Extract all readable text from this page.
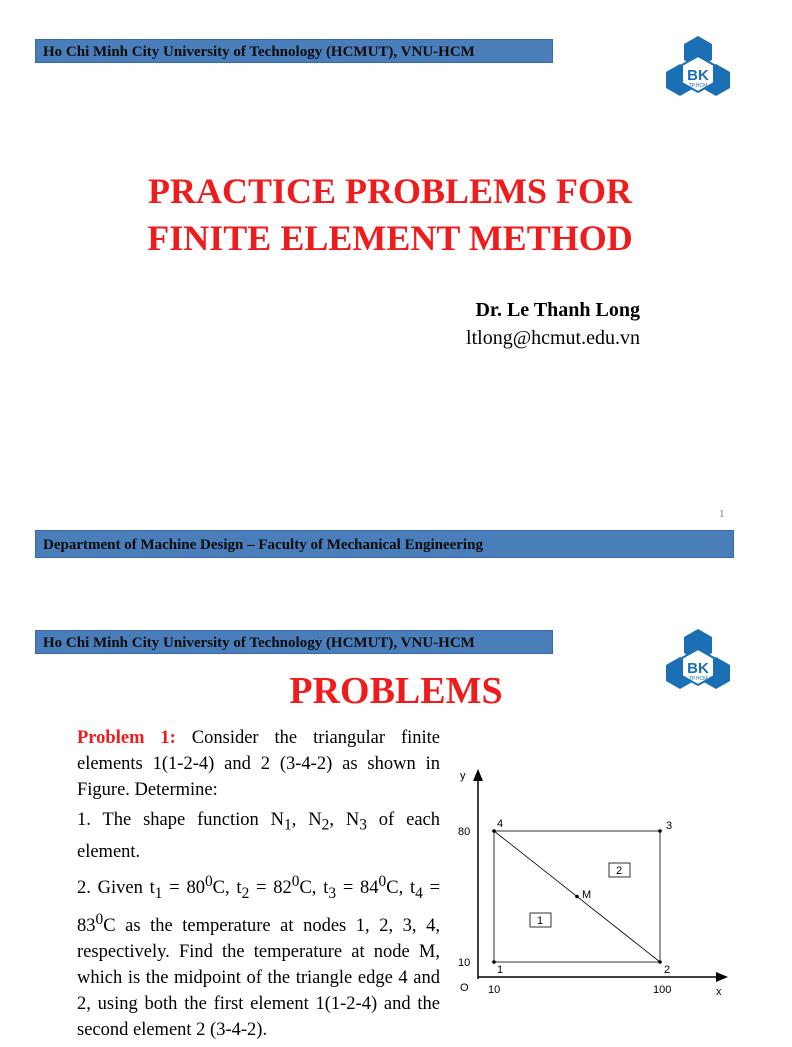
Ho Chi Minh City University of Technology (HCMUT), VNU-HCM
BK
TP.HCM
PRACTICE PROBLEMS FOR
FINITE ELEMENT METHOD
Dr. Le Thanh Long
ltlong@hcmut.edu.vn
1
Department of Machine Design – Faculty of Mechanical Engineering
Ho Chi Minh City University of Technology (HCMUT), VNU-HCM
BK
TP.HCM
PROBLEMS

Problem 1: Consider the triangular finite elements 1(1-2-4) and 2 (3-4-2) as shown in Figure. Determine:

1. The shape function $N_1$, $N_2$, $N_3$ of each element.

2. Given $t_1 = 80^0C$, $t_2 = 82^0C$, $t_3 = 84^0C$, $t_4 = 83^0C$ as the temperature at nodes 1, 2, 3, 4, respectively. Find the temperature at node M, which is the midpoint of the triangle edge 4 and 2, using both the first element 1(1-2-4) and the second element 2 (3-4-2).

x
y
O 10	100
10
80
1	2
3
4
M
1
2
